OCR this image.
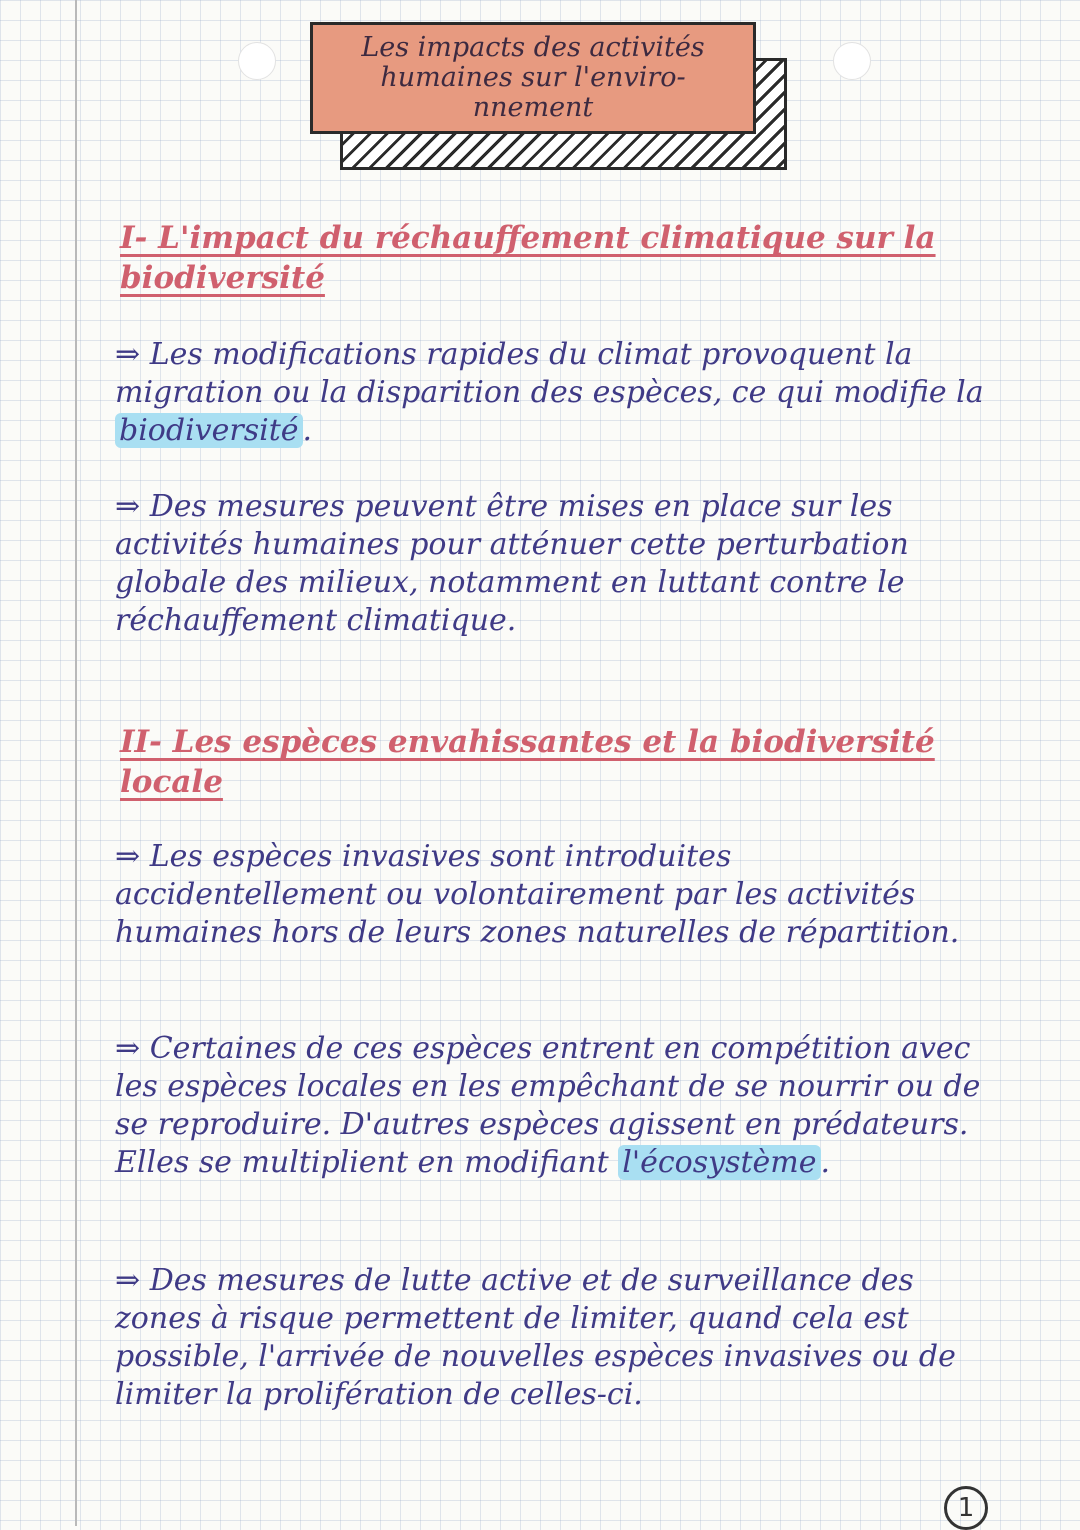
Les impacts des activités
humaines sur l'enviro-
nnement
I- L'impact du réchauffement climatique sur la biodiversité

⇒ Les modifications rapides du climat provoquent la migration ou la disparition des espèces, ce qui modifie la biodiversité .

⇒ Des mesures peuvent être mises en place sur les activités humaines pour atténuer cette perturbation globale des milieux, notamment en luttant contre le réchauffement climatique.

II- Les espèces envahissantes et la biodiversité locale

⇒ Les espèces invasives sont introduites accidentellement ou volontairement par les activités humaines hors de leurs zones naturelles de répartition.

⇒ Certaines de ces espèces entrent en compétition avec les espèces locales en les empêchant de se nourrir ou de se reproduire. D'autres espèces agissent en prédateurs. Elles se multiplient en modifiant l'écosystème .

⇒ Des mesures de lutte active et de surveillance des zones à risque permettent de limiter, quand cela est possible, l'arrivée de nouvelles espèces invasives ou de limiter la prolifération de celles-ci.

1
